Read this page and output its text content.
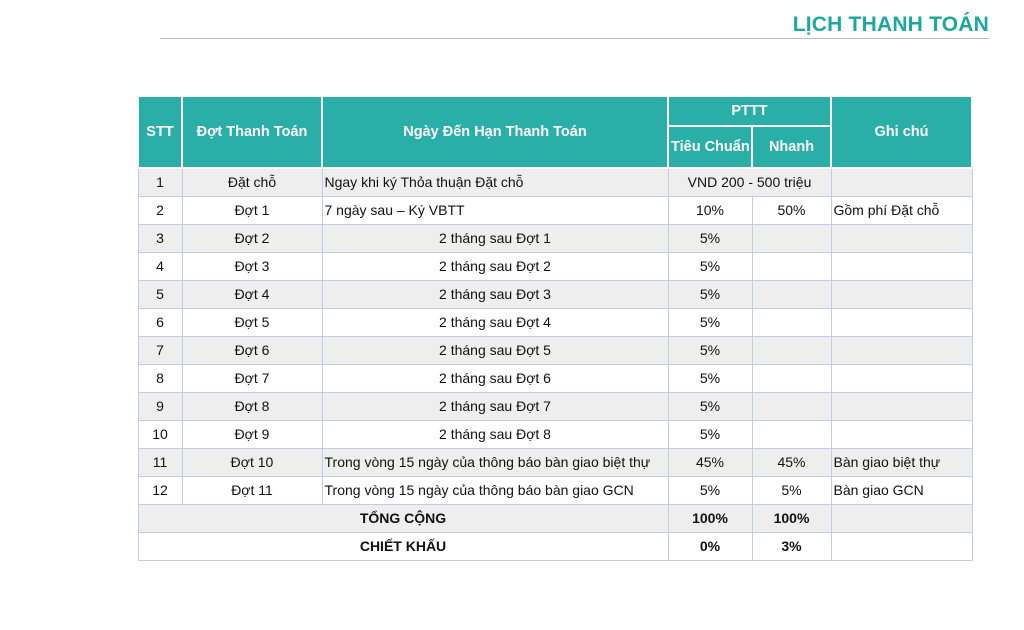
LỊCH THANH TOÁN
STT	Đợt Thanh Toán	Ngày Đến Hạn Thanh Toán	PTTT		Ghi chú
			Tiêu Chuẩn	Nhanh	
1	Đặt chỗ	Ngay khi ký Thỏa thuận Đặt chỗ	VND 200 - 500 triệu		
2	Đợt 1	7 ngày sau – Ký VBTT	10%	50%	Gồm phí Đặt chỗ
3	Đợt 2	2 tháng sau Đợt 1	5%		
4	Đợt 3	2 tháng sau Đợt 2	5%		
5	Đợt 4	2 tháng sau Đợt 3	5%		
6	Đợt 5	2 tháng sau Đợt 4	5%		
7	Đợt 6	2 tháng sau Đợt 5	5%		
8	Đợt 7	2 tháng sau Đợt 6	5%		
9	Đợt 8	2 tháng sau Đợt 7	5%		
10	Đợt 9	2 tháng sau Đợt 8	5%		
11	Đợt 10	Trong vòng 15 ngày của thông báo bàn giao biệt thự	45%	45%	Bàn giao biệt thự
12	Đợt 11	Trong vòng 15 ngày của thông báo bàn giao GCN	5%	5%	Bàn giao GCN
TỔNG CỘNG			100%	100%	
CHIẾT KHẤU			0%	3%	
